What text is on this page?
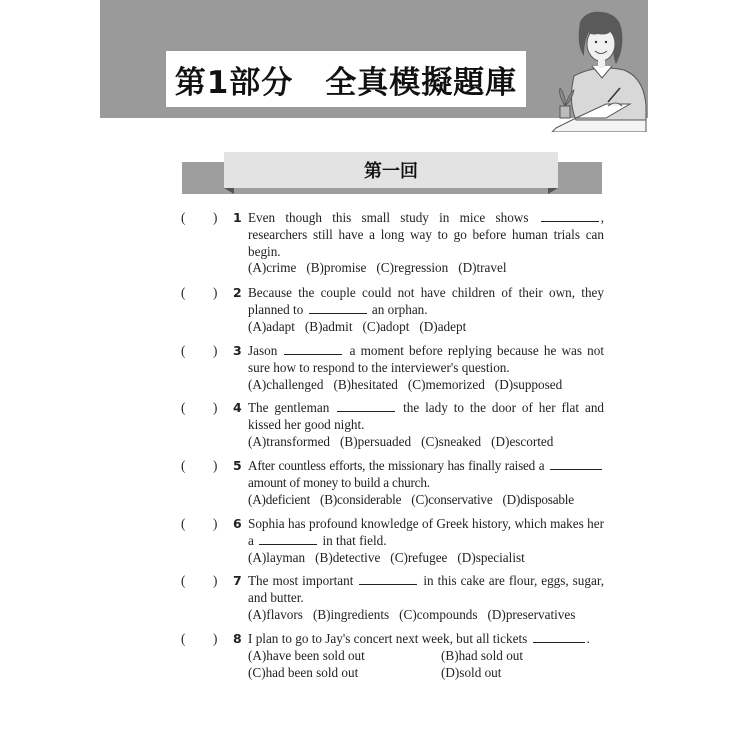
第1部分　全真模擬題庫
第一回
( ) 1 Even though this small study in mice shows	, researchers still have a long way to go before human trials can begin.
(A)crime (B)promise (C)regression (D)travel
( ) 2 Because the couple could not have children of their own, they planned to	an orphan.
(A)adapt (B)admit (C)adopt (D)adept
( ) 3 Jason	a moment before replying because he was not sure how to respond to the interviewer's question.
(A)challenged (B)hesitated (C)memorized (D)supposed
( ) 4 The gentleman	the lady to the door of her flat and kissed her good night.
(A)transformed (B)persuaded (C)sneaked (D)escorted
( ) 5 After countless efforts, the missionary has finally raised a  amount of money to build a church.
(A)deficient (B)considerable (C)conservative (D)disposable
( ) 6 Sophia has profound knowledge of Greek history, which makes her a	in that field.
(A)layman (B)detective (C)refugee (D)specialist
( ) 7 The most important	in this cake are flour, eggs, sugar, and butter.
(A)flavors (B)ingredients (C)compounds (D)preservatives
( ) 8 I plan to go to Jay's concert next week, but all tickets	.
(A)have been sold out	(B)had sold out
(C)had been sold out	(D)sold out
